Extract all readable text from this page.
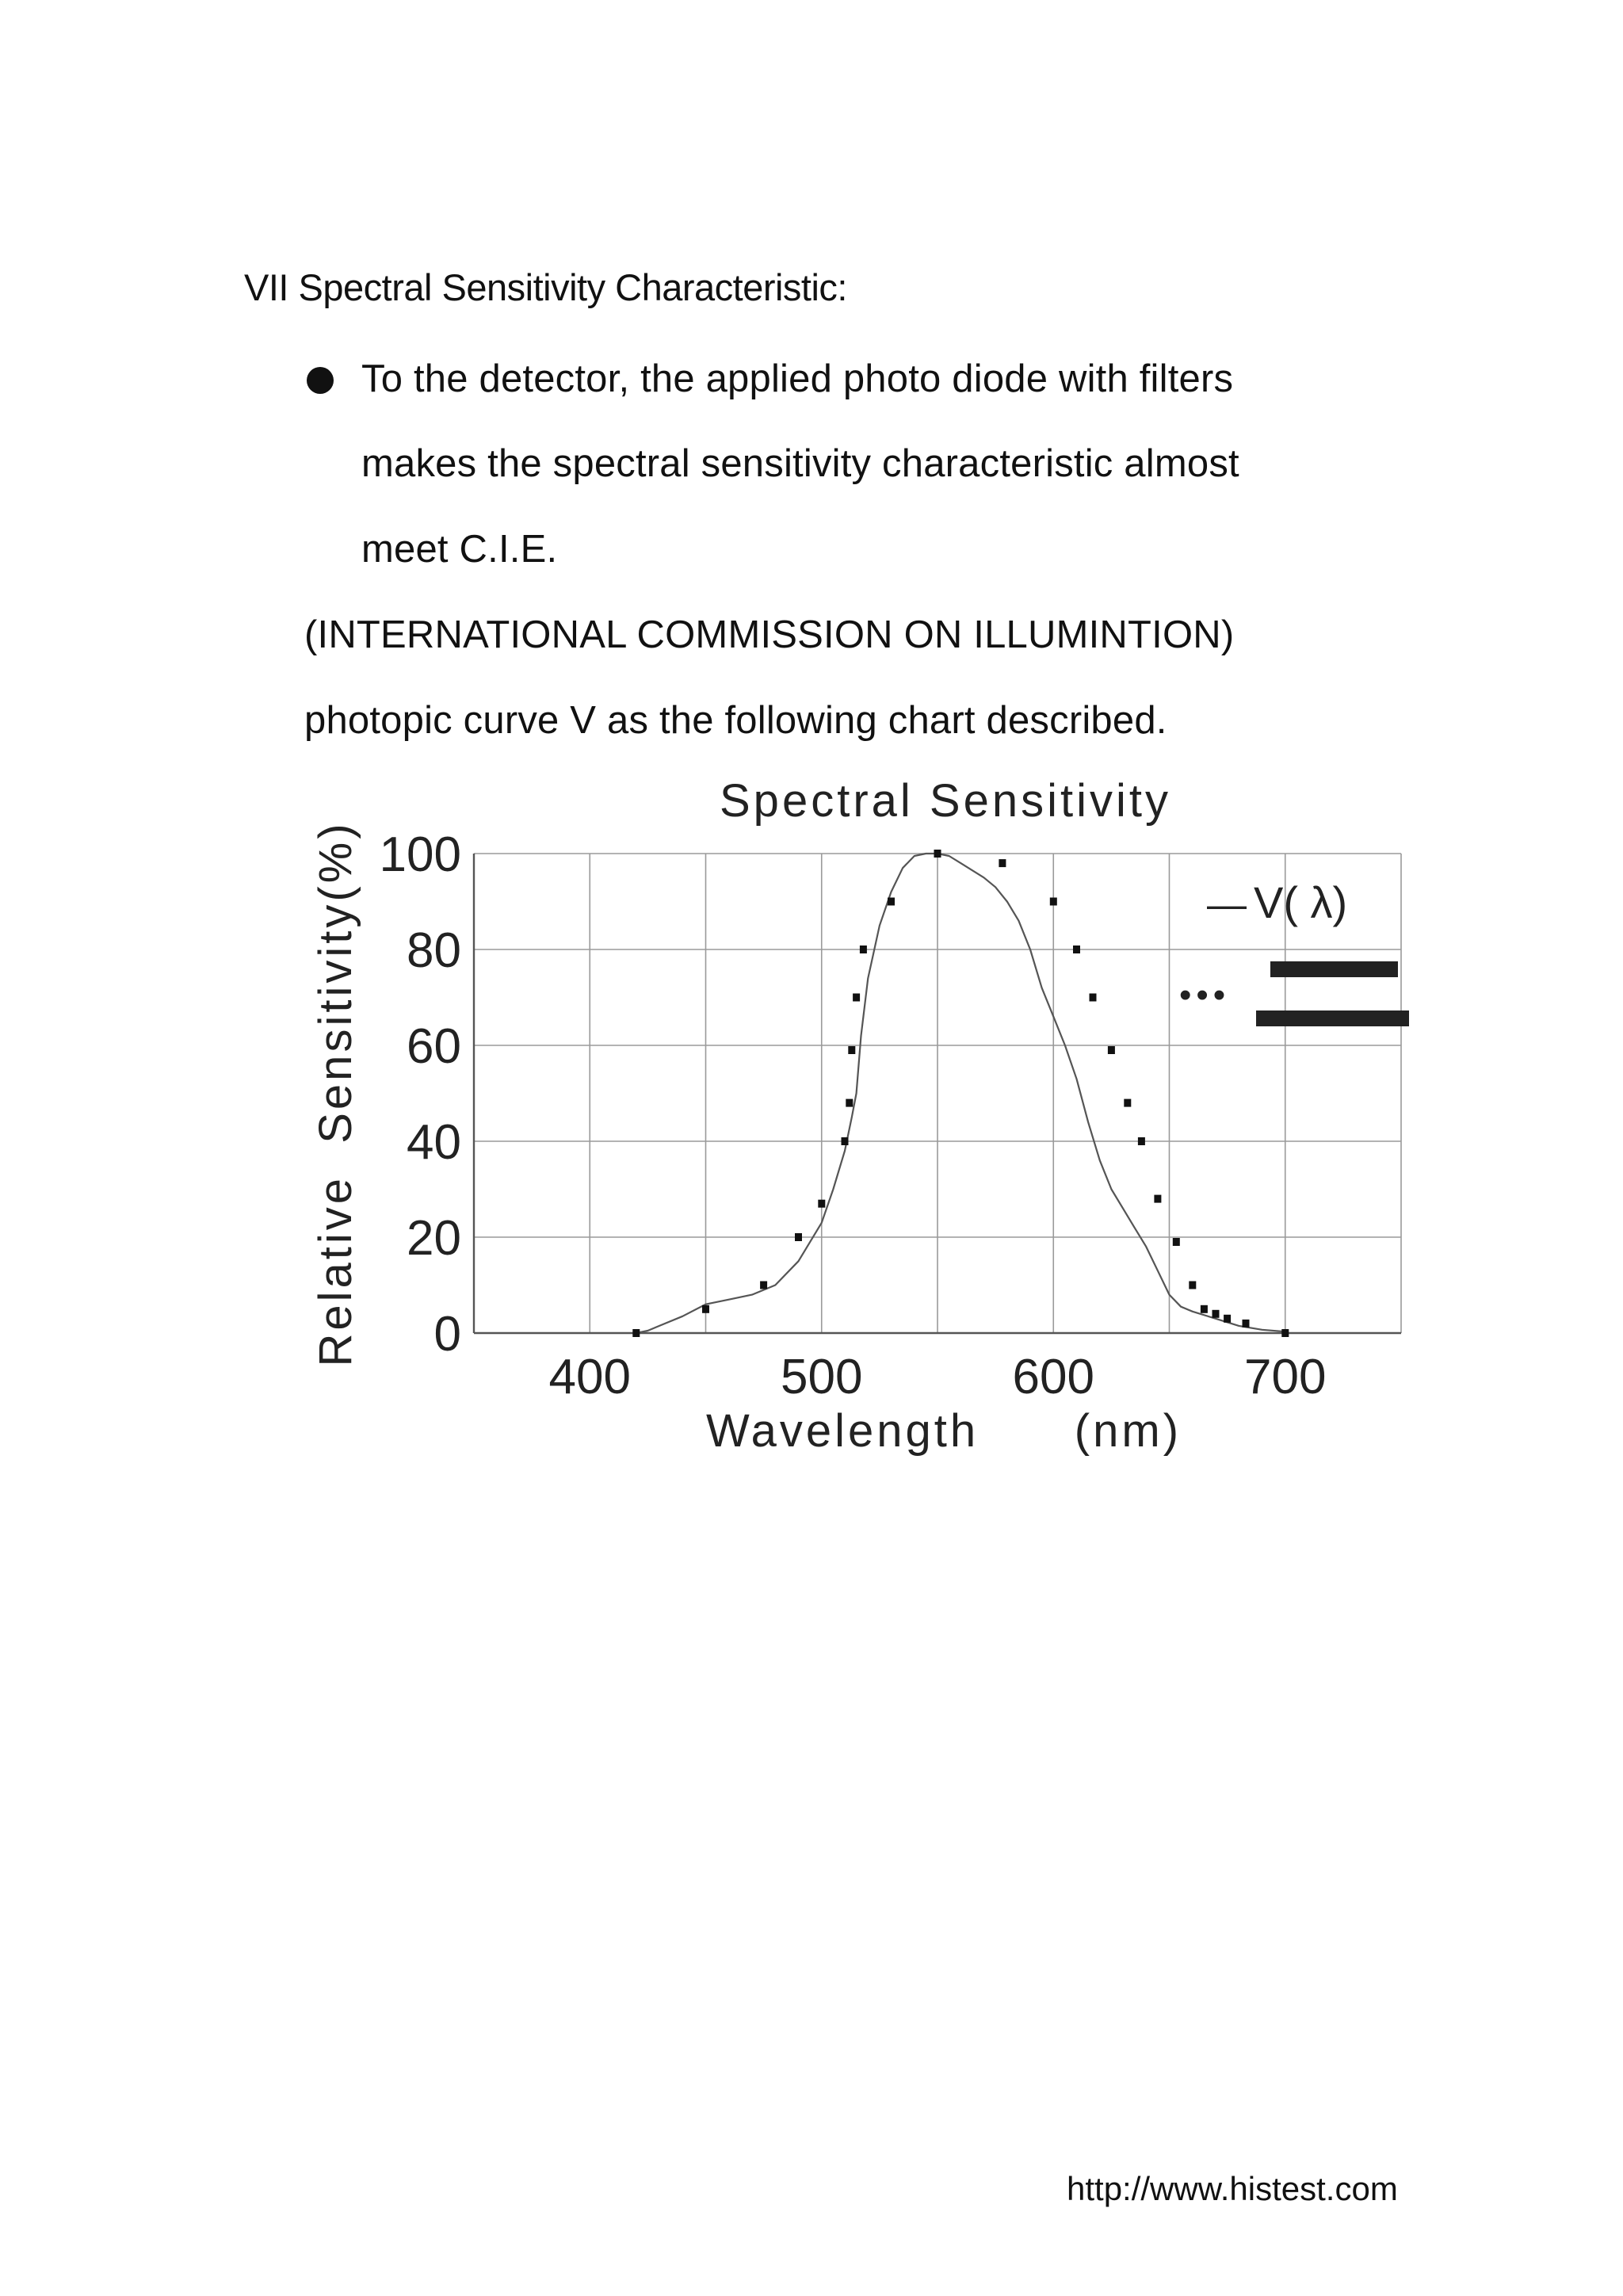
VII Spectral Sensitivity Characteristic:
To the detector, the applied photo diode with filters
makes the spectral sensitivity characteristic almost
meet C.I.E.
(INTERNATIONAL COMMISSION ON ILLUMINTION)
photopic curve V as the following chart described.
400	500	600	700
0
20
40
60
80
100
Spectral Sensitivity
Wavelength      (nm)
Relative  Sensitivity(%)	— V( λ)
•••
http://www.histest.com
